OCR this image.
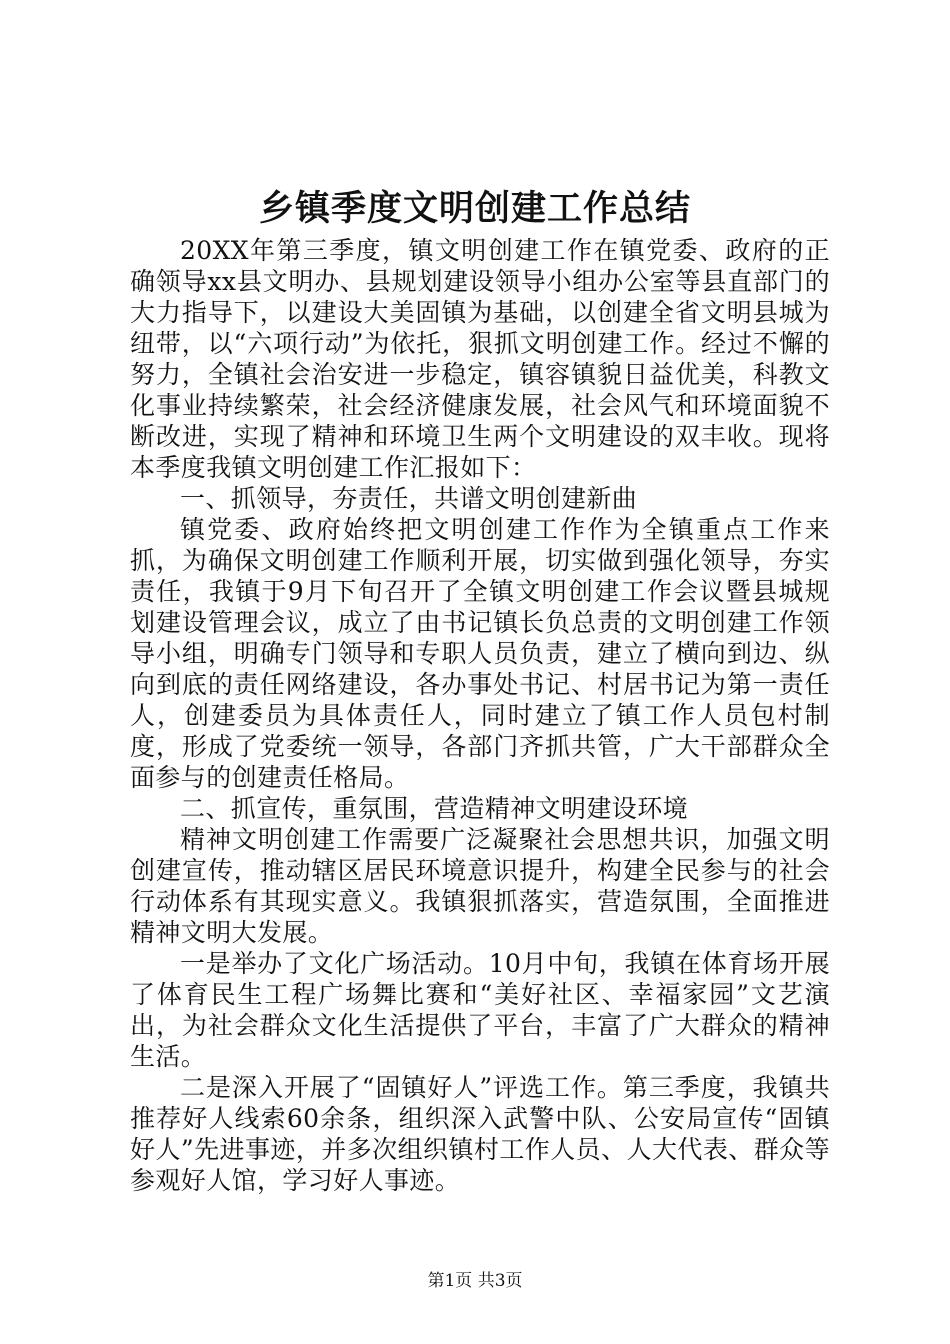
乡镇季度文明创建工作总结

20XX年第三季度，镇文明创建工作在镇党委、政府的正确领导xx县文明办、县规划建设领导小组办公室等县直部门的大力指导下，以建设大美固镇为基础，以创建全省文明县城为纽带，以“六项行动”为依托，狠抓文明创建工作。经过不懈的努力，全镇社会治安进一步稳定，镇容镇貌日益优美，科教文化事业持续繁荣，社会经济健康发展，社会风气和环境面貌不断改进，实现了精神和环境卫生两个文明建设的双丰收。现将本季度我镇文明创建工作汇报如下：

一、抓领导，夯责任，共谱文明创建新曲

镇党委、政府始终把文明创建工作作为全镇重点工作来抓，为确保文明创建工作顺利开展，切实做到强化领导，夯实责任，我镇于9月下旬召开了全镇文明创建工作会议暨县城规划建设管理会议，成立了由书记镇长负总责的文明创建工作领导小组，明确专门领导和专职人员负责，建立了横向到边、纵向到底的责任网络建设，各办事处书记、村居书记为第一责任人，创建委员为具体责任人，同时建立了镇工作人员包村制度，形成了党委统一领导，各部门齐抓共管，广大干部群众全面参与的创建责任格局。

二、抓宣传，重氛围，营造精神文明建设环境

精神文明创建工作需要广泛凝聚社会思想共识，加强文明创建宣传，推动辖区居民环境意识提升，构建全民参与的社会行动体系有其现实意义。我镇狠抓落实，营造氛围，全面推进精神文明大发展。

一是举办了文化广场活动。10月中旬，我镇在体育场开展了体育民生工程广场舞比赛和“美好社区、幸福家园”文艺演出，为社会群众文化生活提供了平台，丰富了广大群众的精神生活。

二是深入开展了“固镇好人”评选工作。第三季度，我镇共推荐好人线索60余条，组织深入武警中队、公安局宣传“固镇好人”先进事迹，并多次组织镇村工作人员、人大代表、群众等参观好人馆，学习好人事迹。

第1页 共3页
